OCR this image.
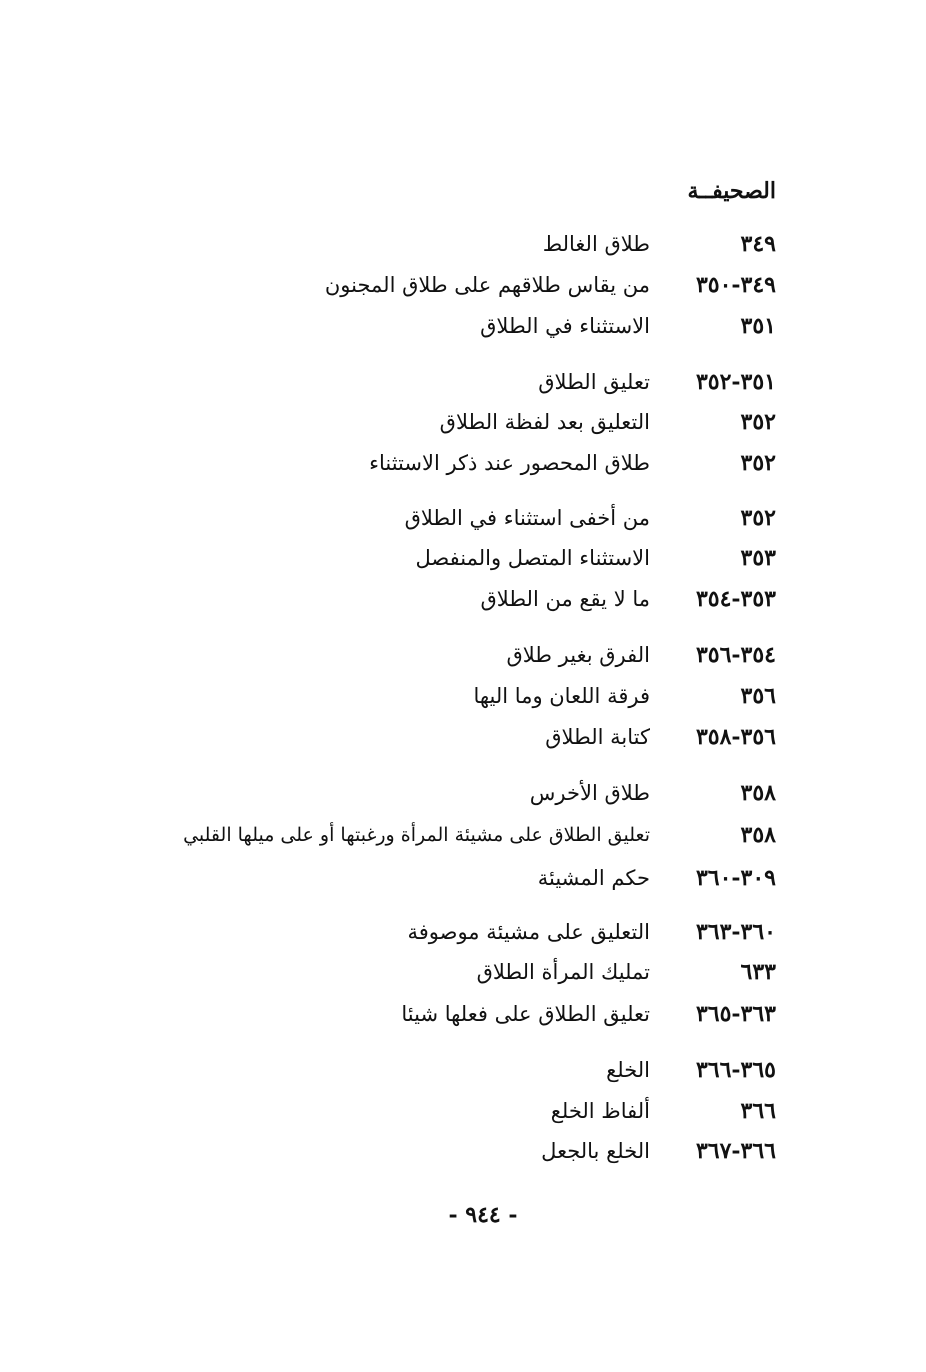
الصحيفــة
٣٤٩
طلاق الغالط
٣٤٩-٣٥٠
من يقاس طلاقهم على طلاق المجنون
٣٥١
الاستثناء في الطلاق
٣٥١-٣٥٢
تعليق الطلاق
٣٥٢
التعليق بعد لفظة الطلاق
٣٥٢
طلاق المحصور عند ذكر الاستثناء
٣٥٢
من أخفى استثناء في الطلاق
٣٥٣
الاستثناء المتصل والمنفصل
٣٥٣-٣٥٤
ما لا يقع من الطلاق
٣٥٤-٣٥٦
الفرق بغير طلاق
٣٥٦
فرقة اللعان وما اليها
٣٥٦-٣٥٨
كتابة الطلاق
٣٥٨
طلاق الأخرس
٣٥٨
تعليق الطلاق على مشيئة المرأة ورغبتها أو على ميلها القلبي
٣٠٩-٣٦٠
حكم المشيئة
٣٦٠-٣٦٣
التعليق على مشيئة موصوفة
٦٣٣
تمليك المرأة الطلاق
٣٦٣-٣٦٥
تعليق الطلاق على فعلها شيئا
٣٦٥-٣٦٦
الخلع
٣٦٦
ألفاظ الخلع
٣٦٦-٣٦٧
الخلع بالجعل
- ٩٤٤ -
